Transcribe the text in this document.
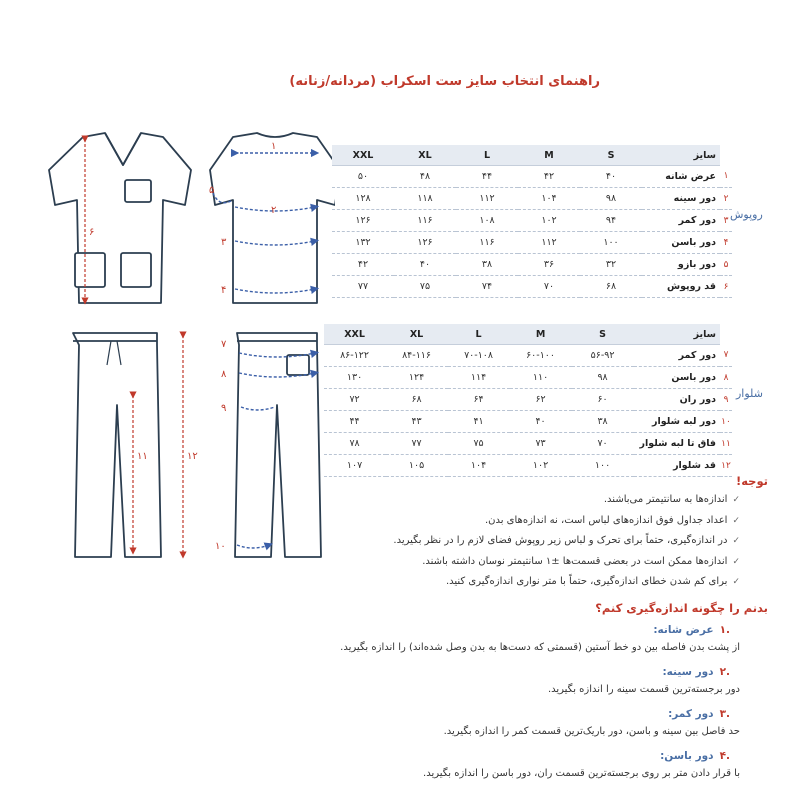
راهنمای انتخاب سایز ست اسکراب (مردانه/زنانه)
۱
۲
۳
۴
۵
۶
۷
۸
۹
۱۰
۱۱	۱۲
	سایز	S	M	L	XL	XXL
۱	عرض شانه	۴۰	۴۲	۴۴	۴۸	۵۰
۲	دور سینه	۹۸	۱۰۴	۱۱۲	۱۱۸	۱۲۸
۳	دور کمر	۹۴	۱۰۲	۱۰۸	۱۱۶	۱۲۶
۴	دور باسن	۱۰۰	۱۱۲	۱۱۶	۱۲۶	۱۳۲
۵	دور بازو	۳۲	۳۶	۳۸	۴۰	۴۲
۶	قد روپوش	۶۸	۷۰	۷۴	۷۵	۷۷
روپوش
	سایز	S	M	L	XL	XXL
۷	دور کمر	۵۶-۹۲	۶۰-۱۰۰	۷۰-۱۰۸	۸۴-۱۱۶	۸۶-۱۲۲
۸	دور باسن	۹۸	۱۱۰	۱۱۴	۱۲۴	۱۳۰
۹	دور ران	۶۰	۶۲	۶۴	۶۸	۷۲
۱۰	دور لبه شلوار	۳۸	۴۰	۴۱	۴۳	۴۴
۱۱	فاق تا لبه شلوار	۷۰	۷۳	۷۵	۷۷	۷۸
۱۲	قد شلوار	۱۰۰	۱۰۲	۱۰۴	۱۰۵	۱۰۷
شلوار
توجه!
✓اندازه‌ها به سانتیمتر می‌باشند.
✓اعداد جداول فوق اندازه‌های لباس است، نه اندازه‌های بدن.
✓در اندازه‌گیری، حتماً برای تحرک و لباس زیر روپوش فضای لازم را در نظر بگیرید.
✓اندازه‌ها ممکن است در بعضی قسمت‌ها ±۱ سانتیمتر نوسان داشته باشند.
✓برای کم شدن خطای اندازه‌گیری، حتماً با متر نواری اندازه‌گیری کنید.
بدنم را چگونه اندازه‌گیری کنم؟
.۱عرض شانه:
از پشت بدن فاصله بین دو خط آستین (قسمتی که دست‌ها به بدن وصل شده‌اند) را اندازه بگیرید.
.۲دور سینه:
دور برجسته‌ترین قسمت سینه را اندازه بگیرید.
.۳دور کمر:
حد فاصل بین سینه و باسن، دور باریک‌ترین قسمت کمر را اندازه بگیرید.
.۴دور باسن:
با قرار دادن متر بر روی برجسته‌ترین قسمت ران، دور باسن را اندازه بگیرید.
